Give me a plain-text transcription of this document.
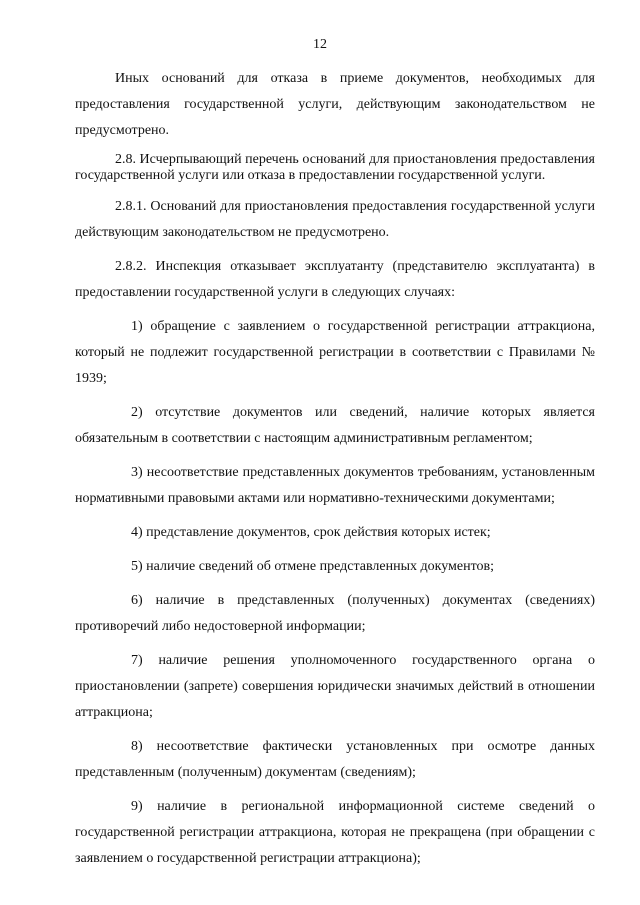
12

Иных оснований для отказа в приеме документов, необходимых для предоставления государственной услуги, действующим законодательством не предусмотрено.

2.8. Исчерпывающий перечень оснований для приостановления предоставления государственной услуги или отказа в предоставлении государственной услуги.

2.8.1. Оснований для приостановления предоставления государственной услуги действующим законодательством не предусмотрено.

2.8.2. Инспекция отказывает эксплуатанту (представителю эксплуатанта) в предоставлении государственной услуги в следующих случаях:

1) обращение с заявлением о государственной регистрации аттракциона, который не подлежит государственной регистрации в соответствии с Правилами № 1939;

2) отсутствие документов или сведений, наличие которых является обязательным в соответствии с настоящим административным регламентом;

3) несоответствие представленных документов требованиям, установленным нормативными правовыми актами или нормативно-техническими документами;

4) представление документов, срок действия которых истек;

5) наличие сведений об отмене представленных документов;

6) наличие в представленных (полученных) документах (сведениях) противоречий либо недостоверной информации;

7) наличие решения уполномоченного государственного органа о приостановлении (запрете) совершения юридически значимых действий в отношении аттракциона;

8) несоответствие фактически установленных при осмотре данных представленным (полученным) документам (сведениям);

9) наличие в региональной информационной системе сведений о государственной регистрации аттракциона, которая не прекращена (при обращении с заявлением о государственной регистрации аттракциона);
